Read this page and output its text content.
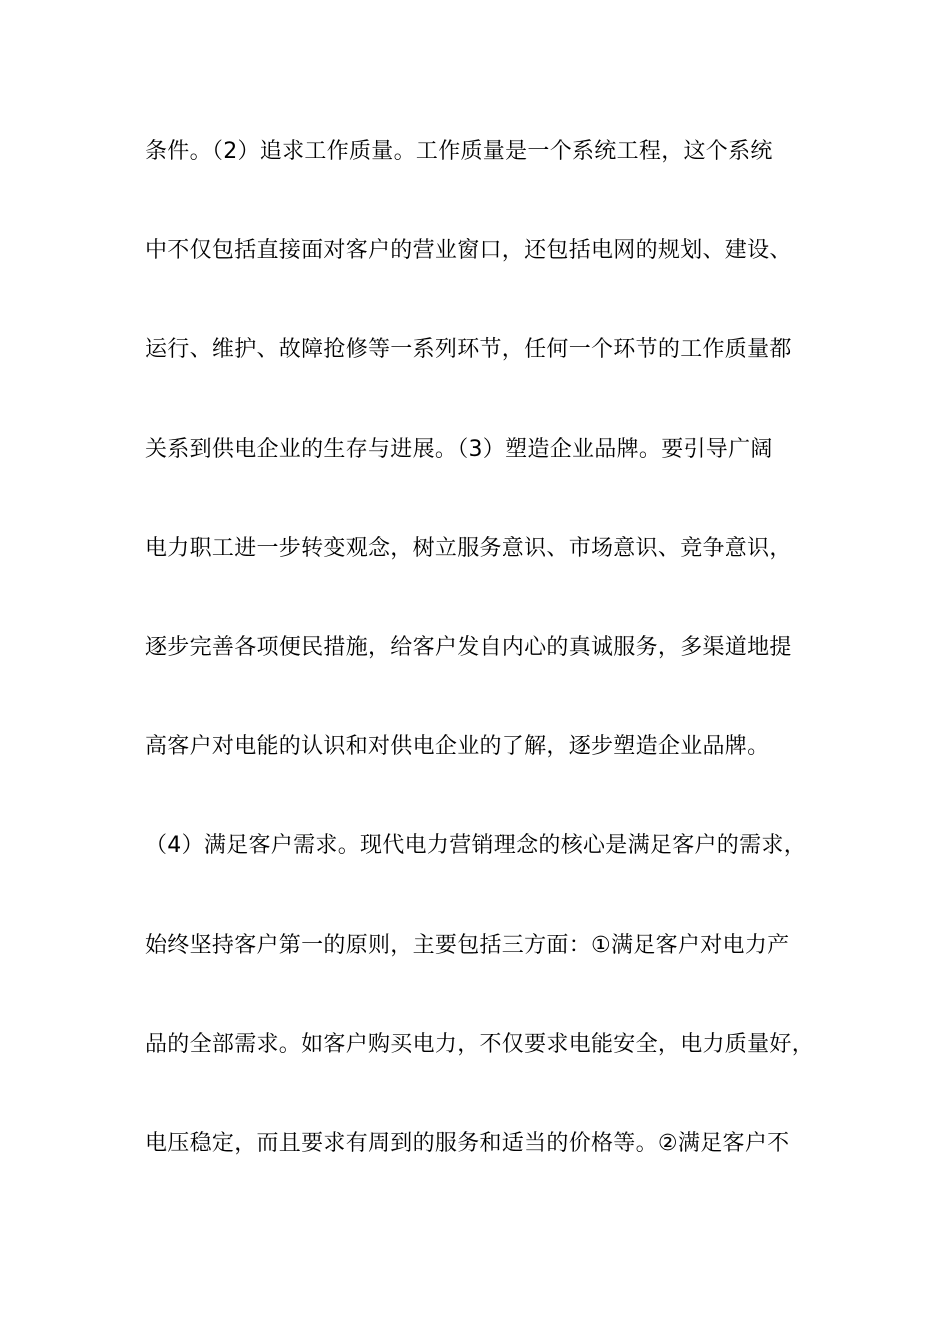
条件。（2）追求工作质量。工作质量是一个系统工程，这个系统
中不仅包括直接面对客户的营业窗口，还包括电网的规划、建设、
运行、维护、故障抢修等一系列环节，任何一个环节的工作质量都
关系到供电企业的生存与进展。（3）塑造企业品牌。要引导广阔
电力职工进一步转变观念，树立服务意识、市场意识、竞争意识，
逐步完善各项便民措施，给客户发自内心的真诚服务，多渠道地提
高客户对电能的认识和对供电企业的了解，逐步塑造企业品牌。
（4）满足客户需求。现代电力营销理念的核心是满足客户的需求，
始终坚持客户第一的原则，主要包括三方面：①满足客户对电力产
品的全部需求。如客户购买电力，不仅要求电能安全，电力质量好，
电压稳定，而且要求有周到的服务和适当的价格等。②满足客户不
